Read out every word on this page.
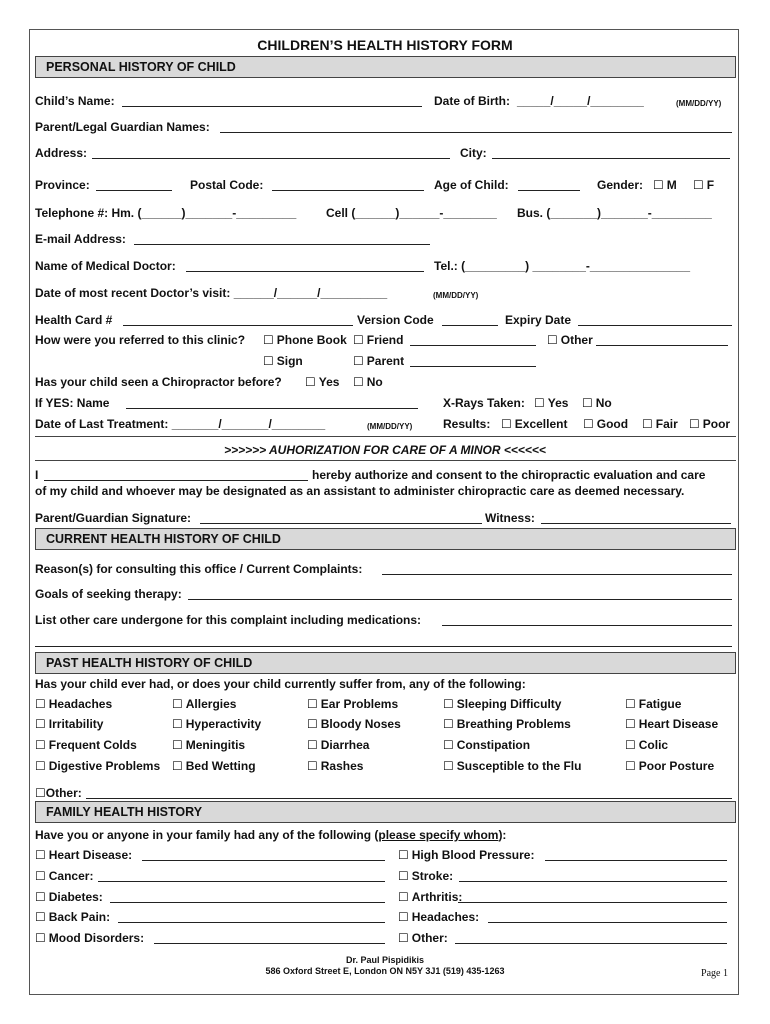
CHILDREN’S HEALTH HISTORY FORM
PERSONAL HISTORY OF CHILD
Child’s Name:	Date of Birth: _____/_____/________	(MM/DD/YY)
Parent/Legal Guardian Names:
Address:	City:
Province:	Postal Code:	Age of Child:	Gender:	☐ M	☐ F
Telephone #: Hm. (______)_______-_________ Cell (______)______-________ Bus. (_______)_______-_________
E-mail Address:
Name of Medical Doctor:	Tel.: (_________) ________-_______________
Date of most recent Doctor’s visit: ______/______/__________	(MM/DD/YY)
Health Card #	Version Code	Expiry Date
How were you referred to this clinic?	☐ Phone Book	☐ Friend	☐ Other
☐ Sign	☐ Parent
Has your child seen a Chiropractor before?	☐ Yes	☐ No
If YES: Name	X-Rays Taken:	☐ Yes	☐ No
Date of Last Treatment: _______/_______/________	(MM/DD/YY)	Results:	☐ Excellent	☐ Good	☐ Fair	☐ Poor
>>>>>> AUHORIZATION FOR CARE OF A MINOR <<<<<<
I	hereby authorize and consent to the chiropractic evaluation and care
of my child and whoever may be designated as an assistant to administer chiropractic care as deemed necessary.
Parent/Guardian Signature:	Witness:
CURRENT HEALTH HISTORY OF CHILD
Reason(s) for consulting this office / Current Complaints:
Goals of seeking therapy:
List other care undergone for this complaint including medications:
PAST HEALTH HISTORY OF CHILD
Has your child ever had, or does your child currently suffer from, any of the following:
☐ Headaches	☐ Allergies	☐ Ear Problems	☐ Sleeping Difficulty	☐ Fatigue
☐ Irritability	☐ Hyperactivity	☐ Bloody Noses	☐ Breathing Problems	☐ Heart Disease
☐ Frequent Colds	☐ Meningitis	☐ Diarrhea	☐ Constipation	☐ Colic
☐ Digestive Problems	☐ Bed Wetting	☐ Rashes	☐ Susceptible to the Flu	☐ Poor Posture
☐Other:
FAMILY HEALTH HISTORY
Have you or anyone in your family had any of the following (please specify whom):
☐ Heart Disease:	☐ High Blood Pressure:
☐ Cancer:	☐ Stroke:
☐ Diabetes:	☐ Arthritis:
☐ Back Pain:	☐ Headaches:
☐ Mood Disorders:	☐ Other:
Dr. Paul Pispidikis
586 Oxford Street E, London ON N5Y 3J1 (519) 435-1263	Page 1
